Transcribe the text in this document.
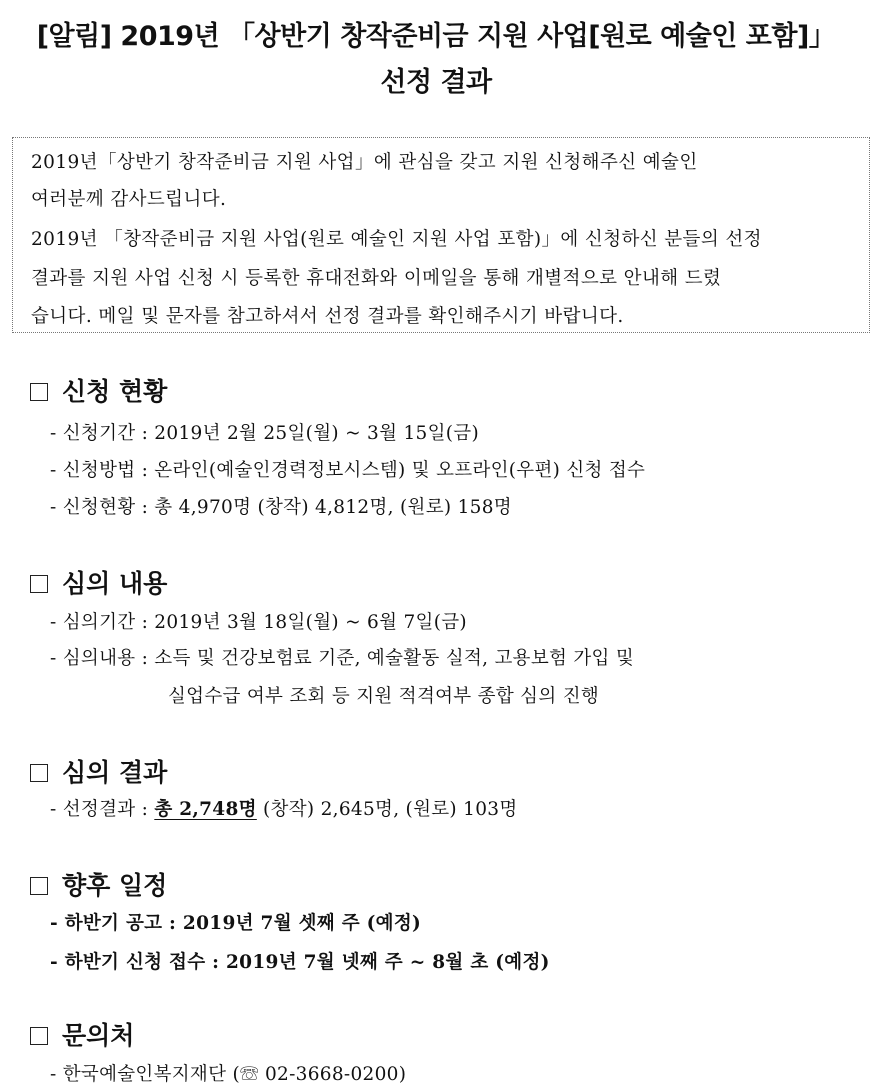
[알림] 2019년 「상반기 창작준비금 지원 사업[원로 예술인 포함]」
선정 결과
2019년「상반기 창작준비금 지원 사업」에 관심을 갖고 지원 신청해주신 예술인
여러분께 감사드립니다.
2019년 「창작준비금 지원 사업(원로 예술인 지원 사업 포함)」에 신청하신 분들의 선정
결과를 지원 사업 신청 시 등록한 휴대전화와 이메일을 통해 개별적으로 안내해 드렸
습니다. 메일 및 문자를 참고하셔서 선정 결과를 확인해주시기 바랍니다.
신청 현황
- 신청기간 : 2019년 2월 25일(월) ~ 3월 15일(금)
- 신청방법 : 온라인(예술인경력정보시스템) 및 오프라인(우편) 신청 접수
- 신청현황 : 총 4,970명 (창작) 4,812명, (원로) 158명
심의 내용
- 심의기간 : 2019년 3월 18일(월) ~ 6월 7일(금)
- 심의내용 : 소득 및 건강보험료 기준, 예술활동 실적, 고용보험 가입 및
실업수급 여부 조회 등 지원 적격여부 종합 심의 진행
심의 결과
- 선정결과 : 총 2,748명 (창작) 2,645명, (원로) 103명
향후 일정
- 하반기 공고 : 2019년 7월 셋째 주 (예정)
- 하반기 신청 접수 : 2019년 7월 넷째 주 ~ 8월 초 (예정)
문의처
- 한국예술인복지재단 (☏ 02-3668-0200)
